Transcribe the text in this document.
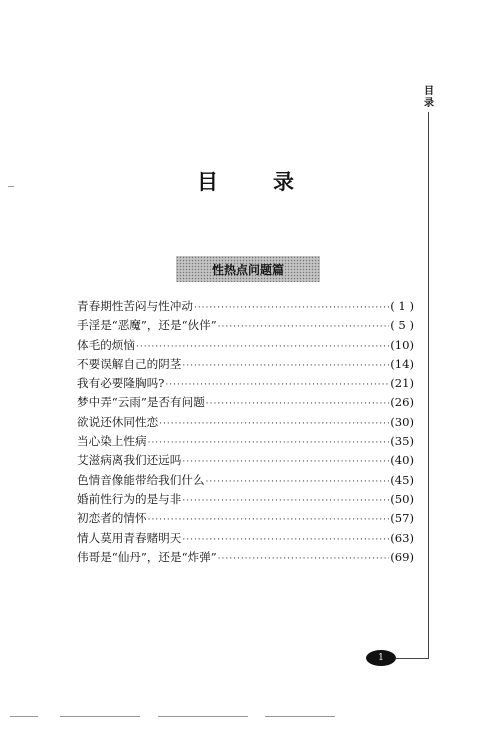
目录
目	录
性热点问题篇
青春期性苦闷与性冲动 ·····	( 1 )
手淫是“恶魔”，还是“伙伴” ·····	( 5 )
体毛的烦恼 ·····	(10)
不要误解自己的阴茎 ·····	(14)
我有必要隆胸吗? ·····	(21)
梦中弄“云雨”是否有问题 ·····	(26)
欲说还休同性恋 ·····	(30)
当心染上性病 ·····	(35)
艾滋病离我们还远吗 ·····	(40)
色情音像能带给我们什么 ·····	(45)
婚前性行为的是与非 ·····	(50)
初恋者的情怀 ·····	(57)
情人莫用青春赌明天 ·····	(63)
伟哥是“仙丹”，还是“炸弹” ·····	(69)
1
